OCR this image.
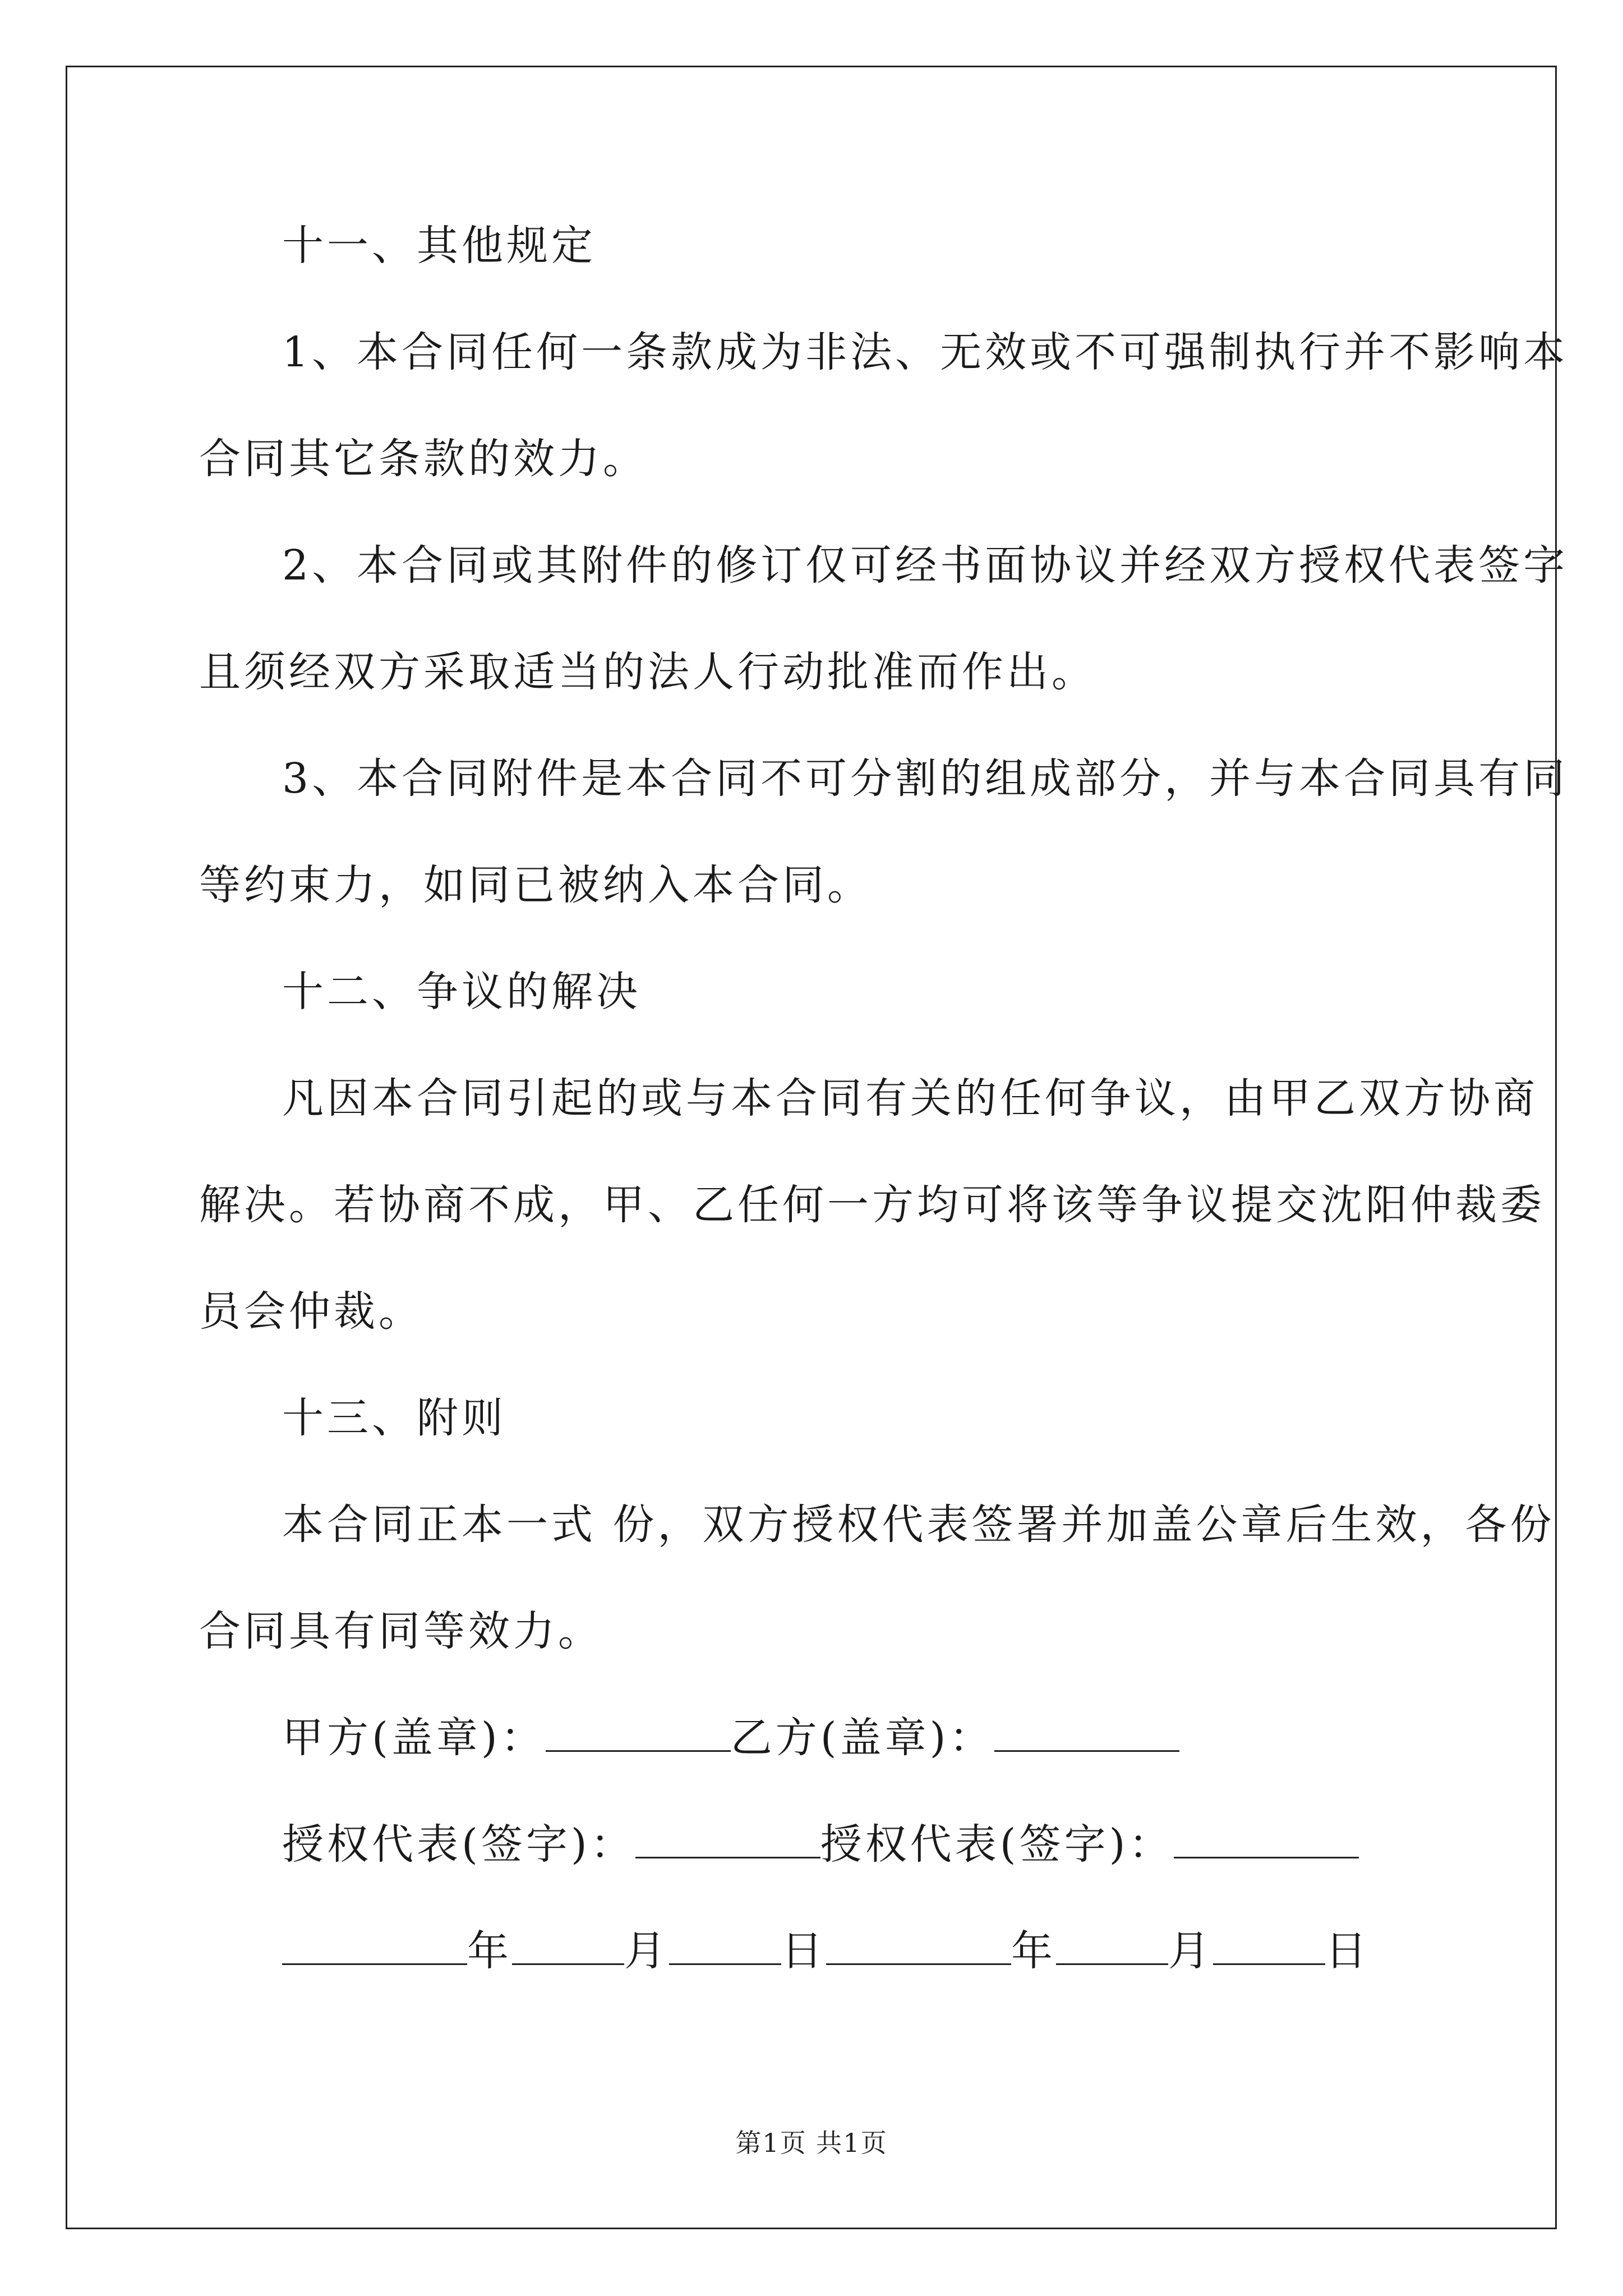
十一、其他规定

1、本合同任何一条款成为非法、无效或不可强制执行并不影响本

合同其它条款的效力。

2、本合同或其附件的修订仅可经书面协议并经双方授权代表签字

且须经双方采取适当的法人行动批准而作出。

3、本合同附件是本合同不可分割的组成部分，并与本合同具有同

等约束力，如同已被纳入本合同。

十二、争议的解决

凡因本合同引起的或与本合同有关的任何争议，由甲乙双方协商

解决。若协商不成，甲、乙任何一方均可将该等争议提交沈阳仲裁委

员会仲裁。

十三、附则

本合同正本一式 份，双方授权代表签署并加盖公章后生效，各份

合同具有同等效力。

甲方(盖章)：	乙方(盖章)：

授权代表(签字)：	授权代表(签字)：

年	月	日	年	月	日

第1页 共1页
